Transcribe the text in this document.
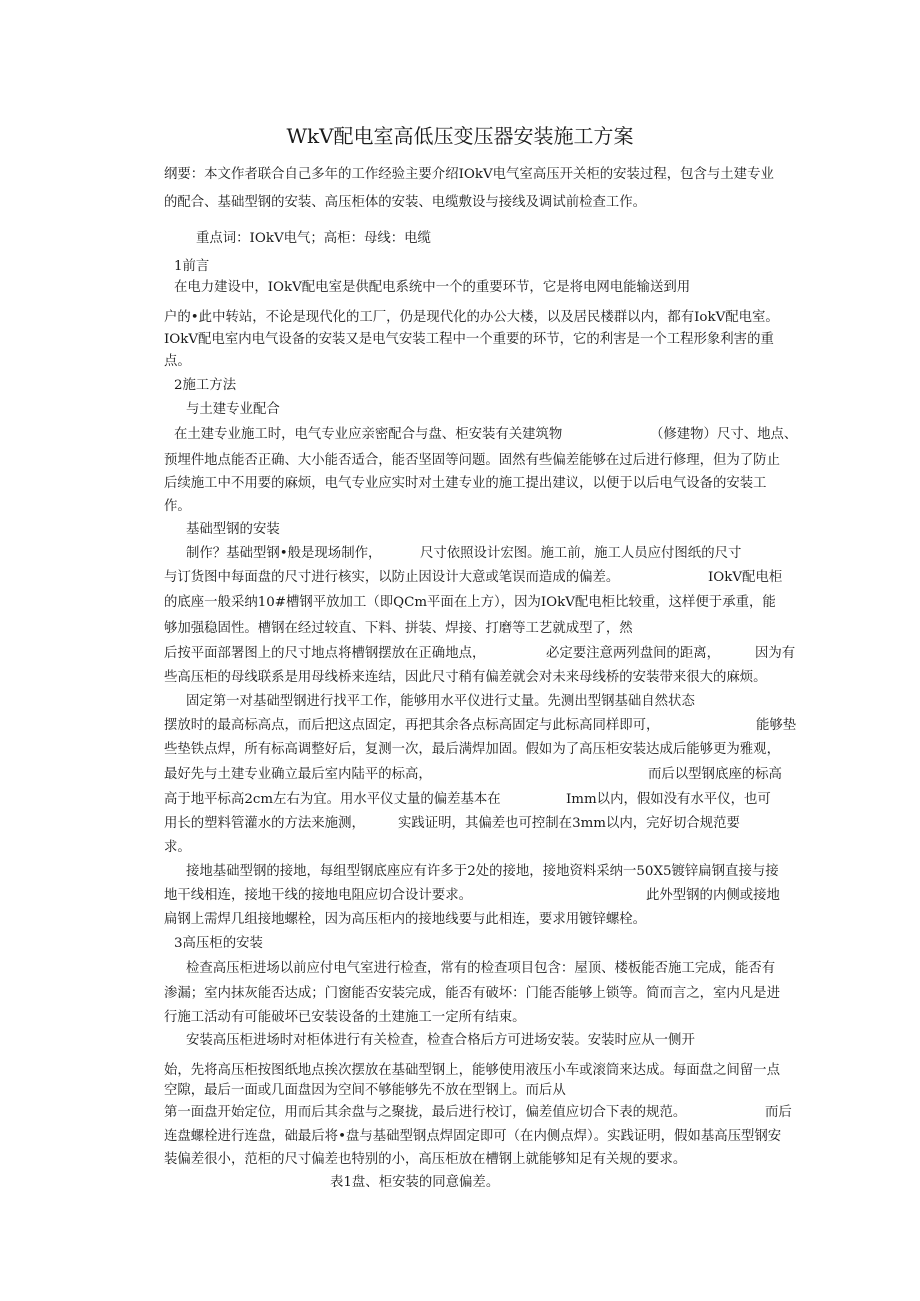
WkV配电室高低压变压器安装施工方案
纲要：本文作者联合自己多年的工作经验主要介绍IOkV电气室高压开关柜的安装过程，包含与土建专业
的配合、基础型钢的安装、高压柜体的安装、电缆敷设与接线及调试前检查工作。
重点词：IOkV电气；高柜：母线：电缆
1前言
在电力建设中，IOkV配电室是供配电系统中一个的重要环节，它是将电网电能输送到用
户的•此中转站，不论是现代化的工厂，仍是现代化的办公大楼，以及居民楼群以内，都有IokV配电室。
IOkV配电室内电气设备的安装又是电气安装工程中一个重要的环节，它的利害是一个工程形象利害的重
点。
2施工方法
与土建专业配合
在土建专业施工时，电气专业应亲密配合与盘、柜安装有关建筑物	（修建物）尺寸、地点、
预埋件地点能否正确、大小能否适合，能否坚固等问题。固然有些偏差能够在过后进行修理，但为了防止
后续施工中不用要的麻烦，电气专业应实时对土建专业的施工提出建议，以便于以后电气设备的安装工
作。
基础型钢的安装
制作？基础型钢•般是现场制作，	尺寸依照设计宏图。施工前，施工人员应付图纸的尺寸
与订货图中每面盘的尺寸进行核实，以防止因设计大意或笔误而造成的偏差。	IOkV配电柜
的底座一般采纳10#槽钢平放加工（即QCm平面在上方），因为IOkV配电柜比较重，这样便于承重，能
够加强稳固性。槽钢在经过较直、下料、拼装、焊接、打磨等工艺就成型了，然
后按平面部署图上的尺寸地点将槽钢摆放在正确地点，	必定要注意两列盘间的距离，	因为有
些高压柜的母线联系是用母线桥来连结，因此尺寸稍有偏差就会对未来母线桥的安装带来很大的麻烦。
固定第一对基础型钢进行找平工作，能够用水平仪进行丈量。先测出型钢基础自然状态
摆放时的最高标高点，而后把这点固定，再把其余各点标高固定与此标高同样即可，	能够垫
些垫铁点焊，所有标高调整好后，复测一次，最后满焊加固。假如为了高压柜安装达成后能够更为雅观，
最好先与土建专业确立最后室内陆平的标高，	而后以型钢底座的标高
高于地平标高2cm左右为宜。用水平仪丈量的偏差基本在	Imm以内，假如没有水平仪，也可
用长的塑料管灌水的方法来施测， 实践证明，其偏差也可控制在3mm以内，完好切合规范要
求。
接地基础型钢的接地，每组型钢底座应有许多于2处的接地，接地资料采纳一50X5镀锌扁钢直接与接
地干线相连，接地干线的接地电阻应切合设计要求。	此外型钢的内侧或接地
扁钢上需焊几组接地螺栓，因为高压柜内的接地线要与此相连，要求用镀锌螺栓。
3高压柜的安装
检查高压柜进场以前应付电气室进行检查，常有的检查项目包含：屋顶、楼板能否施工完成，能否有
渗漏；室内抹灰能否达成；门窗能否安装完成，能否有破坏：门能否能够上锁等。简而言之，室内凡是进
行施工活动有可能破坏已安装设备的土建施工一定所有结束。
安装高压柜进场时对柜体进行有关检查，检查合格后方可进场安装。安装时应从一侧开
始，先将高压柜按图纸地点挨次摆放在基础型钢上，能够使用液压小车或滚筒来达成。每面盘之间留一点
空隙，最后一面或几面盘因为空间不够能够先不放在型钢上。而后从
第一面盘开始定位，用而后其余盘与之聚拢，最后进行校订，偏差值应切合下表的规范。	而后
连盘螺栓进行连盘，础最后将•盘与基础型钢点焊固定即可（在内侧点焊）。实践证明，假如基高压型钢安
装偏差很小，范柜的尺寸偏差也特别的小，高压柜放在槽钢上就能够知足有关规的要求。
表1盘、柜安装的同意偏差。
